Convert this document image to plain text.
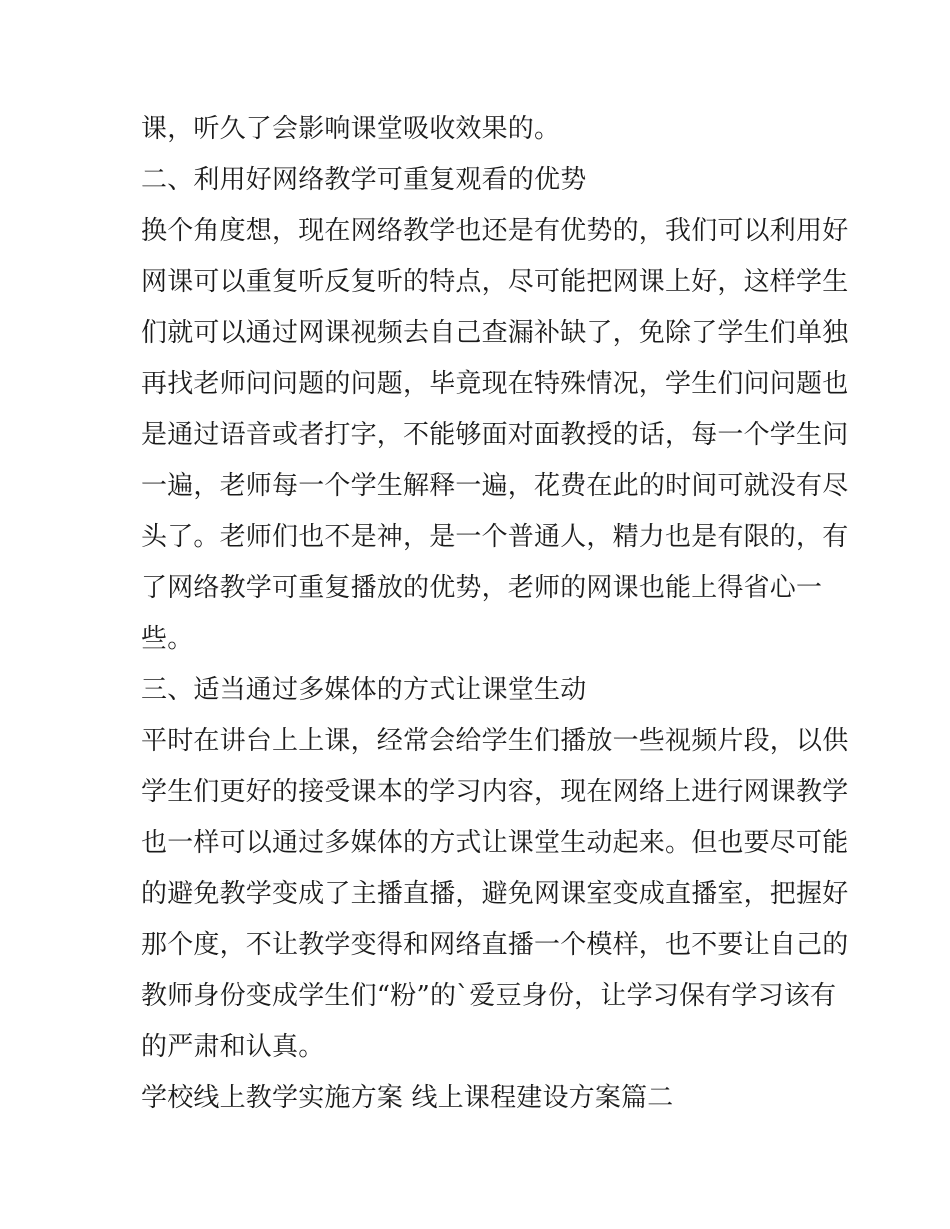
课，听久了会影响课堂吸收效果的。
二、利用好网络教学可重复观看的优势
换个角度想，现在网络教学也还是有优势的，我们可以利用好
网课可以重复听反复听的特点，尽可能把网课上好，这样学生
们就可以通过网课视频去自己查漏补缺了，免除了学生们单独
再找老师问问题的问题，毕竟现在特殊情况，学生们问问题也
是通过语音或者打字，不能够面对面教授的话，每一个学生问
一遍，老师每一个学生解释一遍，花费在此的时间可就没有尽
头了。老师们也不是神，是一个普通人，精力也是有限的，有
了网络教学可重复播放的优势，老师的网课也能上得省心一
些。
三、适当通过多媒体的方式让课堂生动
平时在讲台上上课，经常会给学生们播放一些视频片段，以供
学生们更好的接受课本的学习内容，现在网络上进行网课教学
也一样可以通过多媒体的方式让课堂生动起来。但也要尽可能
的避免教学变成了主播直播，避免网课室变成直播室，把握好
那个度，不让教学变得和网络直播一个模样，也不要让自己的
教师身份变成学生们“粉”的`爱豆身份，让学习保有学习该有
的严肃和认真。
学校线上教学实施方案 线上课程建设方案篇二
